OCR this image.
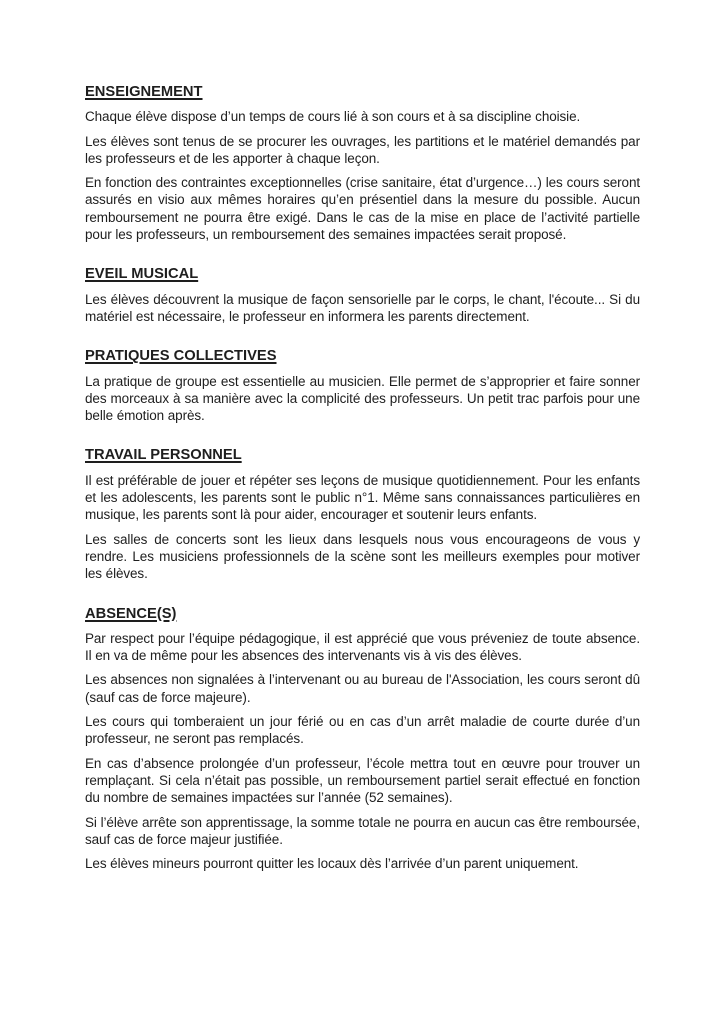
ENSEIGNEMENT

Chaque élève dispose d’un temps de cours lié à son cours et à sa discipline choisie.

Les élèves sont tenus de se procurer les ouvrages, les partitions et le matériel demandés par les professeurs et de les apporter à chaque leçon.

En fonction des contraintes exceptionnelles (crise sanitaire, état d’urgence…) les cours seront assurés en visio aux mêmes horaires qu’en présentiel dans la mesure du possible. Aucun remboursement ne pourra être exigé. Dans le cas de la mise en place de l’activité partielle pour les professeurs, un remboursement des semaines impactées serait proposé.

EVEIL MUSICAL

Les élèves découvrent la musique de façon sensorielle par le corps, le chant, l'écoute... Si du matériel est nécessaire, le professeur en informera les parents directement.

PRATIQUES COLLECTIVES

La pratique de groupe est essentielle au musicien. Elle permet de s’approprier et faire sonner des morceaux à sa manière avec la complicité des professeurs. Un petit trac parfois pour une belle émotion après.

TRAVAIL PERSONNEL

Il est préférable de jouer et répéter ses leçons de musique quotidiennement. Pour les enfants et les adolescents, les parents sont le public n°1. Même sans connaissances particulières en musique, les parents sont là pour aider, encourager et soutenir leurs enfants.

Les salles de concerts sont les lieux dans lesquels nous vous encourageons de vous y rendre. Les musiciens professionnels de la scène sont les meilleurs exemples pour motiver les élèves.

ABSENCE(S)

Par respect pour l’équipe pédagogique, il est apprécié que vous préveniez de toute absence. Il en va de même pour les absences des intervenants vis à vis des élèves.

Les absences non signalées à l’intervenant ou au bureau de l'Association, les cours seront dû (sauf cas de force majeure).

Les cours qui tomberaient un jour férié ou en cas d’un arrêt maladie de courte durée d’un professeur, ne seront pas remplacés.

En cas d’absence prolongée d’un professeur, l’école mettra tout en œuvre pour trouver un remplaçant. Si cela n’était pas possible, un remboursement partiel serait effectué en fonction du nombre de semaines impactées sur l’année (52 semaines).

Si l’élève arrête son apprentissage, la somme totale ne pourra en aucun cas être remboursée, sauf cas de force majeur justifiée.

Les élèves mineurs pourront quitter les locaux dès l’arrivée d’un parent uniquement.
